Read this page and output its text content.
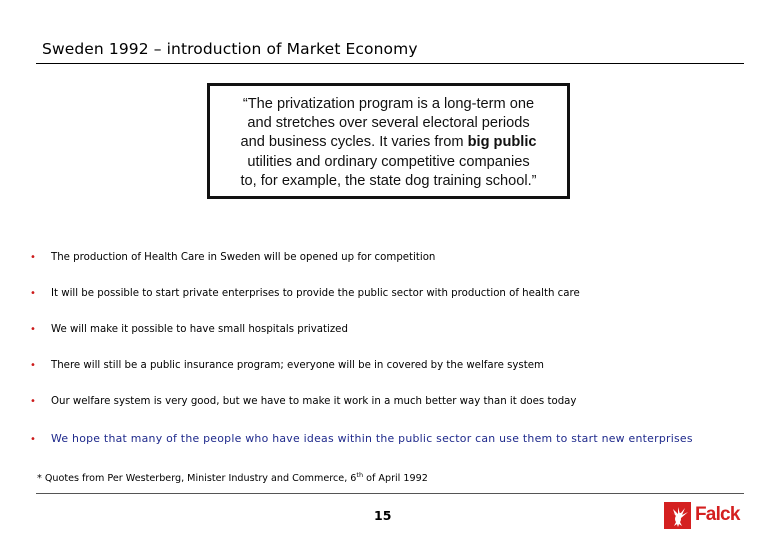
Sweden 1992 – introduction of Market Economy
“The privatization program is a long-term one
and stretches over several electoral periods
and business cycles. It varies from big public
utilities and ordinary competitive companies
to, for example, the state dog training school.”
• The production of Health Care in Sweden will be opened up for competition
• It will be possible to start private enterprises to provide the public sector with production of health care
• We will make it possible to have small hospitals privatized
• There will still be a public insurance program; everyone will be in covered by the welfare system
• Our welfare system is very good, but we have to make it work in a much better way than it does today
• We hope that many of the people who have ideas within the public sector can use them to start new enterprises
* Quotes from Per Westerberg, Minister Industry and Commerce, 6th of April 1992
15	Falck
